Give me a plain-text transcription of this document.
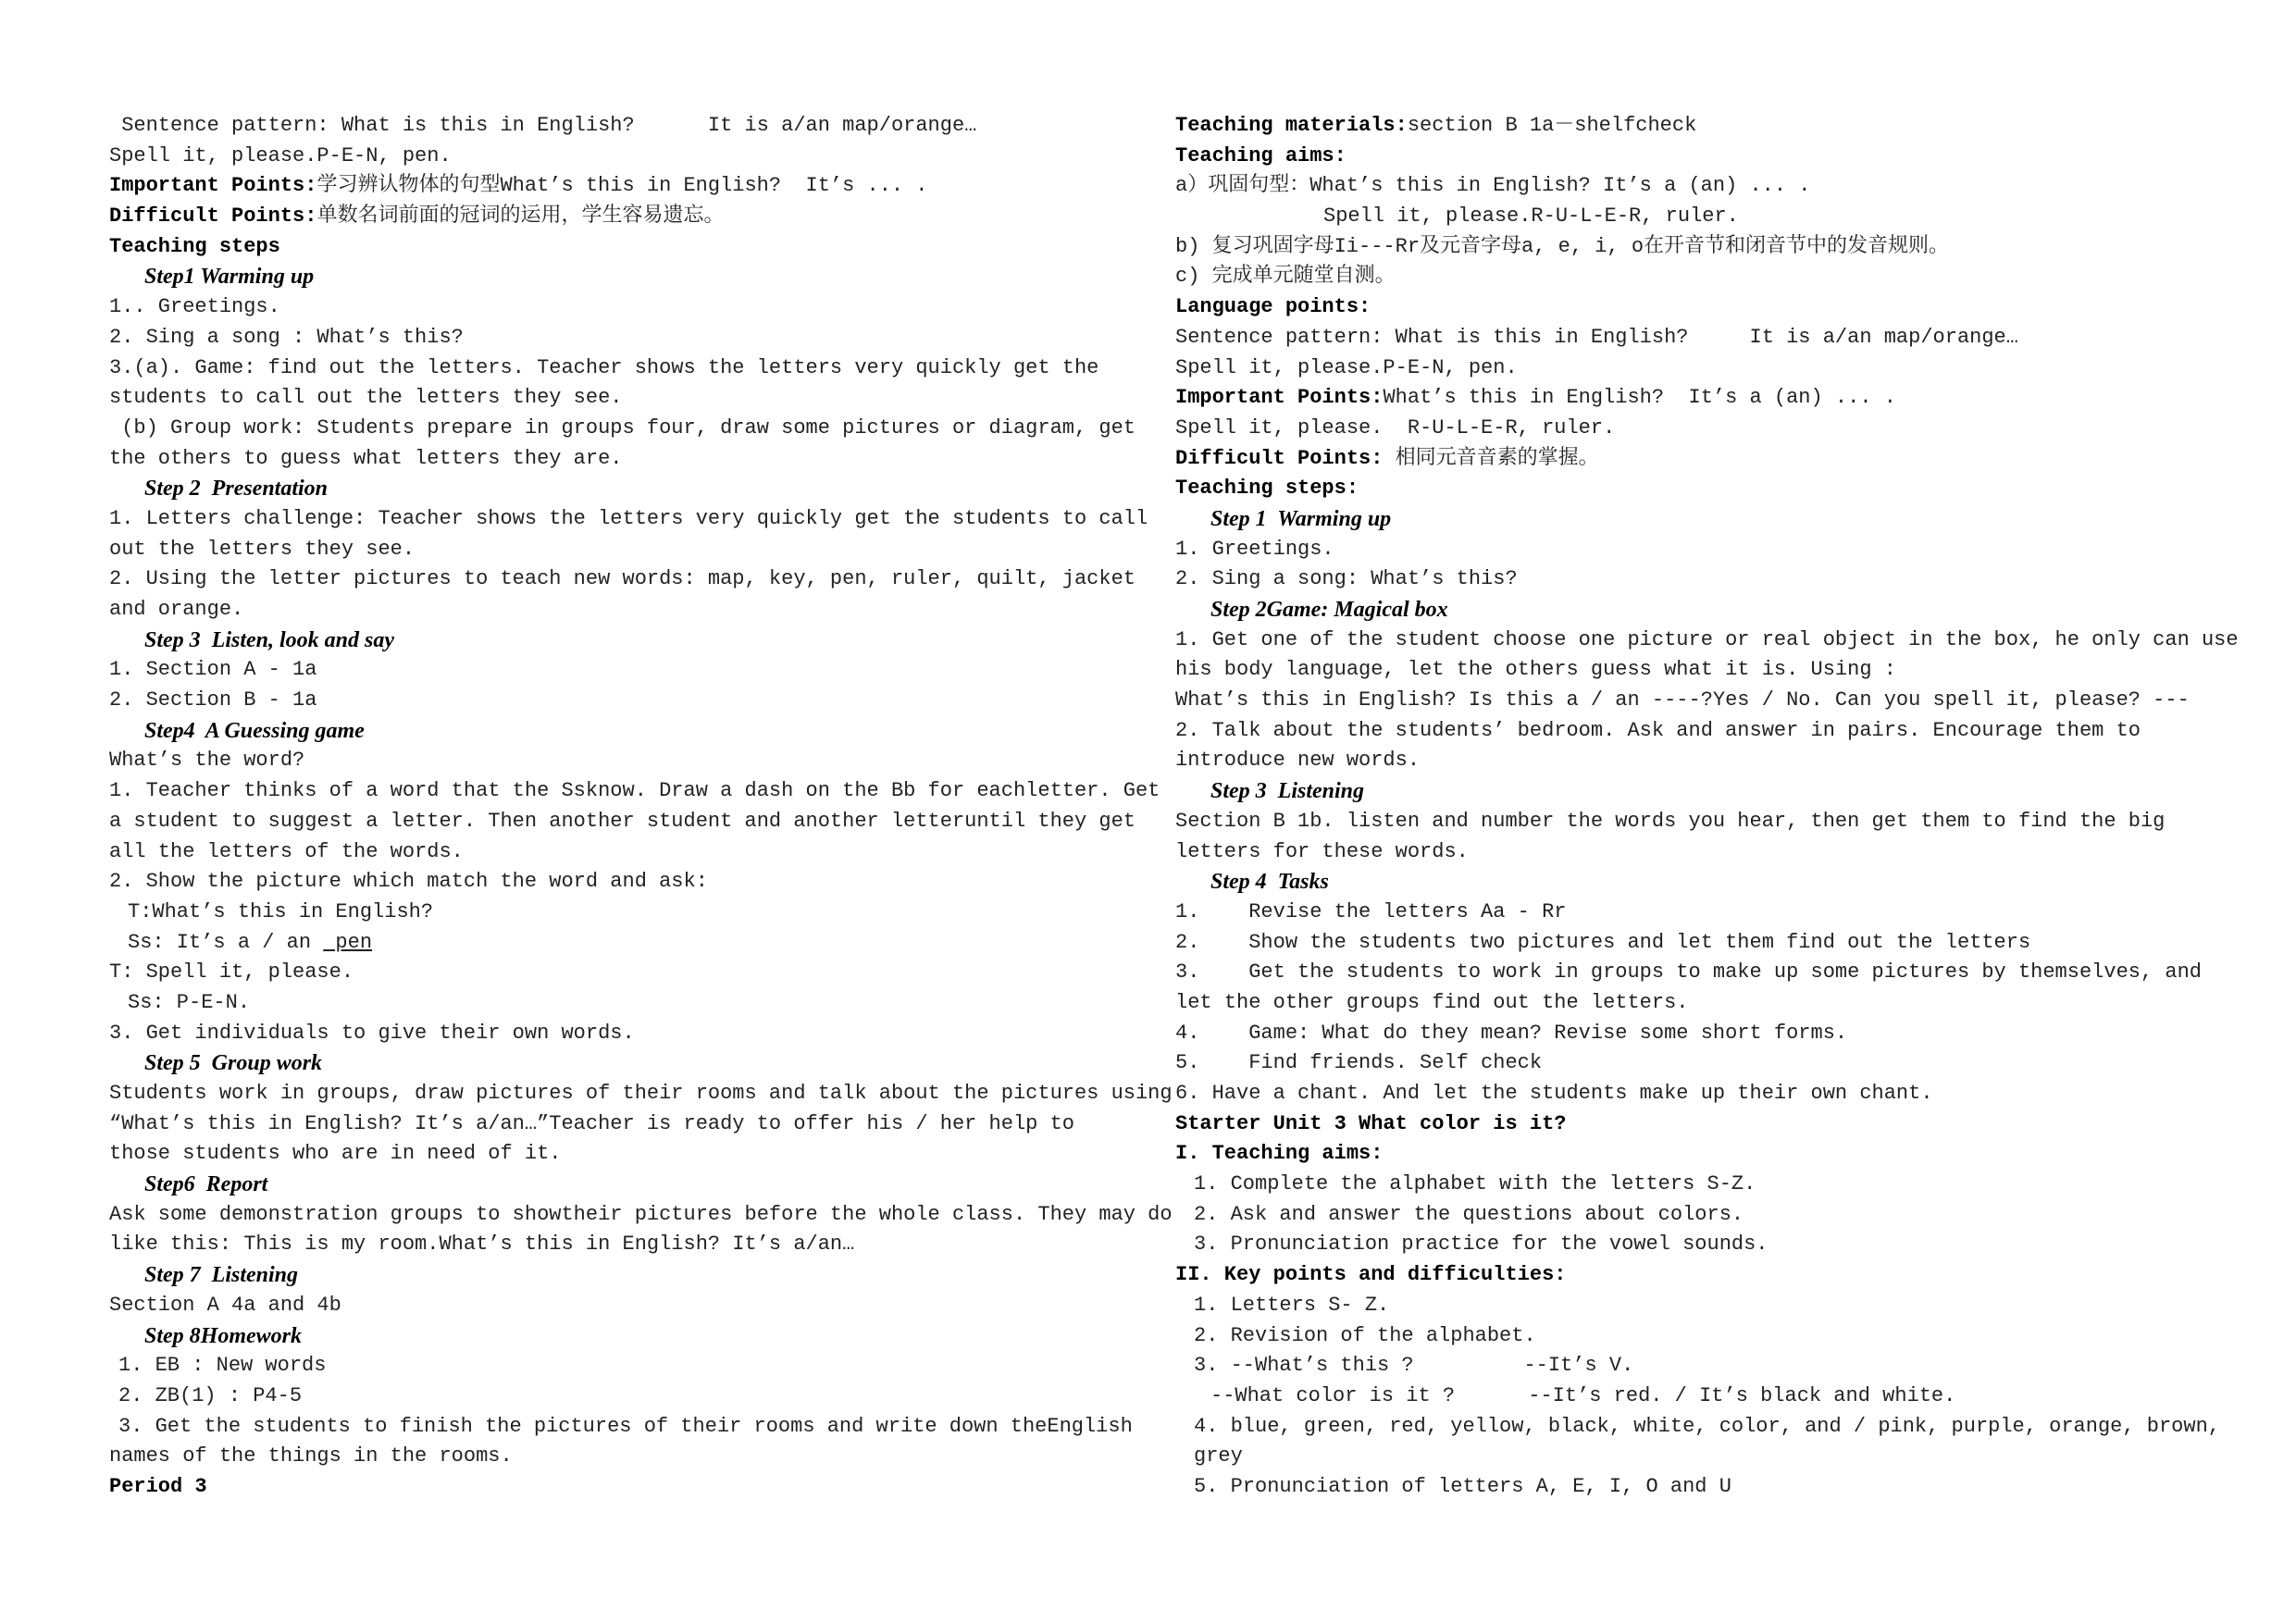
Sentence pattern: What is this in English?      It is a/an map/orange…
Spell it, please.P-E-N, pen.
Important Points:学习辨认物体的句型What’s this in English?  It’s ... .
Difficult Points:单数名词前面的冠词的运用，学生容易遗忘。
Teaching steps
Step1 Warming up
1.. Greetings.
2. Sing a song : What’s this?
3.(a). Game: find out the letters. Teacher shows the letters very quickly get the
students to call out the letters they see.
(b) Group work: Students prepare in groups four, draw some pictures or diagram, get
the others to guess what letters they are.
Step 2  Presentation
1. Letters challenge: Teacher shows the letters very quickly get the students to call
out the letters they see.
2. Using the letter pictures to teach new words: map, key, pen, ruler, quilt, jacket
and orange.
Step 3  Listen, look and say
1. Section A - 1a
2. Section B - 1a
Step4  A Guessing game
What’s the word?
1. Teacher thinks of a word that the Ssknow. Draw a dash on the Bb for eachletter. Get
a student to suggest a letter. Then another student and another letteruntil they get
all the letters of the words.
2. Show the picture which match the word and ask:
T:What’s this in English?
Ss: It’s a / an  pen
T: Spell it, please.
Ss: P-E-N.
3. Get individuals to give their own words.
Step 5  Group work
Students work in groups, draw pictures of their rooms and talk about the pictures using
“What’s this in English? It’s a/an…”Teacher is ready to offer his / her help to
those students who are in need of it.
Step6  Report
Ask some demonstration groups to showtheir pictures before the whole class. They may do
like this: This is my room.What’s this in English? It’s a/an…
Step 7  Listening
Section A 4a and 4b
Step 8Homework
1. EB : New words
2. ZB(1) : P4-5
3. Get the students to finish the pictures of their rooms and write down theEnglish
names of the things in the rooms.
Period 3
Teaching materials:section B 1a－shelfcheck
Teaching aims:
a）巩固句型：What’s this in English? It’s a (an) ... .
Spell it, please.R-U-L-E-R, ruler.
b) 复习巩固字母Ii---Rr及元音字母a, e, i, o在开音节和闭音节中的发音规则。
c) 完成单元随堂自测。
Language points:
Sentence pattern: What is this in English?     It is a/an map/orange…
Spell it, please.P-E-N, pen.
Important Points:What’s this in English?  It’s a (an) ... .
Spell it, please.  R-U-L-E-R, ruler.
Difficult Points: 相同元音音素的掌握。
Teaching steps:
Step 1  Warming up
1. Greetings.
2. Sing a song: What’s this?
Step 2Game: Magical box
1. Get one of the student choose one picture or real object in the box, he only can use
his body language, let the others guess what it is. Using :
What’s this in English? Is this a / an ----?Yes / No. Can you spell it, please? ---
2. Talk about the students’ bedroom. Ask and answer in pairs. Encourage them to
introduce new words.
Step 3  Listening
Section B 1b. listen and number the words you hear, then get them to find the big
letters for these words.
Step 4  Tasks
1.    Revise the letters Aa - Rr
2.    Show the students two pictures and let them find out the letters
3.    Get the students to work in groups to make up some pictures by themselves, and
let the other groups find out the letters.
4.    Game: What do they mean? Revise some short forms.
5.    Find friends. Self check
6. Have a chant. And let the students make up their own chant.
Starter Unit 3 What color is it?
I. Teaching aims:
1. Complete the alphabet with the letters S-Z.
2. Ask and answer the questions about colors.
3. Pronunciation practice for the vowel sounds.
II. Key points and difficulties:
1. Letters S- Z.
2. Revision of the alphabet.
3. --What’s this ?         --It’s V.
--What color is it ?      --It’s red. / It’s black and white.
4. blue, green, red, yellow, black, white, color, and / pink, purple, orange, brown,
grey
5. Pronunciation of letters A, E, I, O and U
